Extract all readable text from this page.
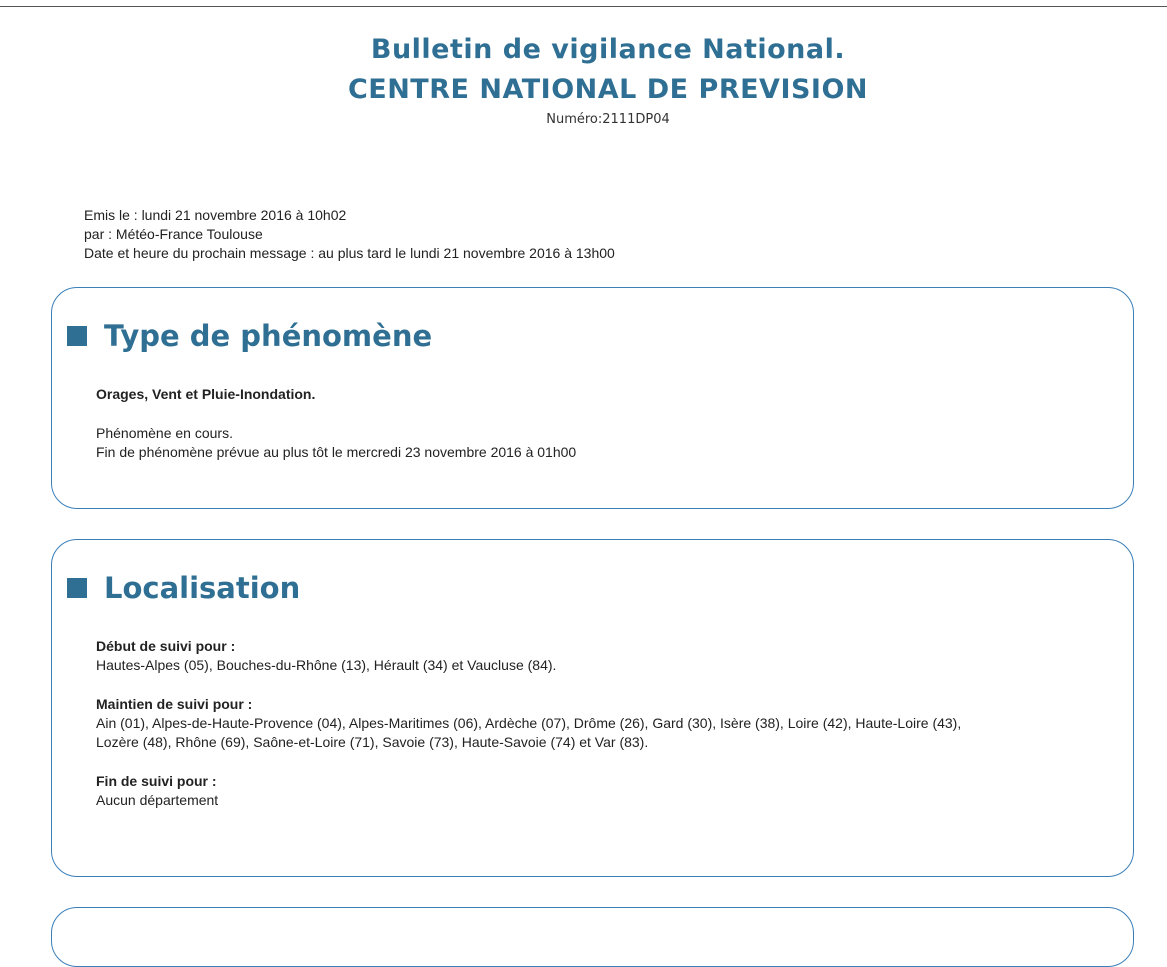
Bulletin de vigilance National.
CENTRE NATIONAL DE PREVISION
Numéro:2111DP04
Emis le : lundi 21 novembre 2016 à 10h02
par : Météo-France Toulouse
Date et heure du prochain message : au plus tard le lundi 21 novembre 2016 à 13h00
Type de phénomène
Orages, Vent et Pluie-Inondation.
Phénomène en cours.
Fin de phénomène prévue au plus tôt le mercredi 23 novembre 2016 à 01h00
Localisation
Début de suivi pour :
Hautes-Alpes (05), Bouches-du-Rhône (13), Hérault (34) et Vaucluse (84).
Maintien de suivi pour :
Ain (01), Alpes-de-Haute-Provence (04), Alpes-Maritimes (06), Ardèche (07), Drôme (26), Gard (30), Isère (38), Loire (42), Haute-Loire (43),
Lozère (48), Rhône (69), Saône-et-Loire (71), Savoie (73), Haute-Savoie (74) et Var (83).
Fin de suivi pour :
Aucun département
